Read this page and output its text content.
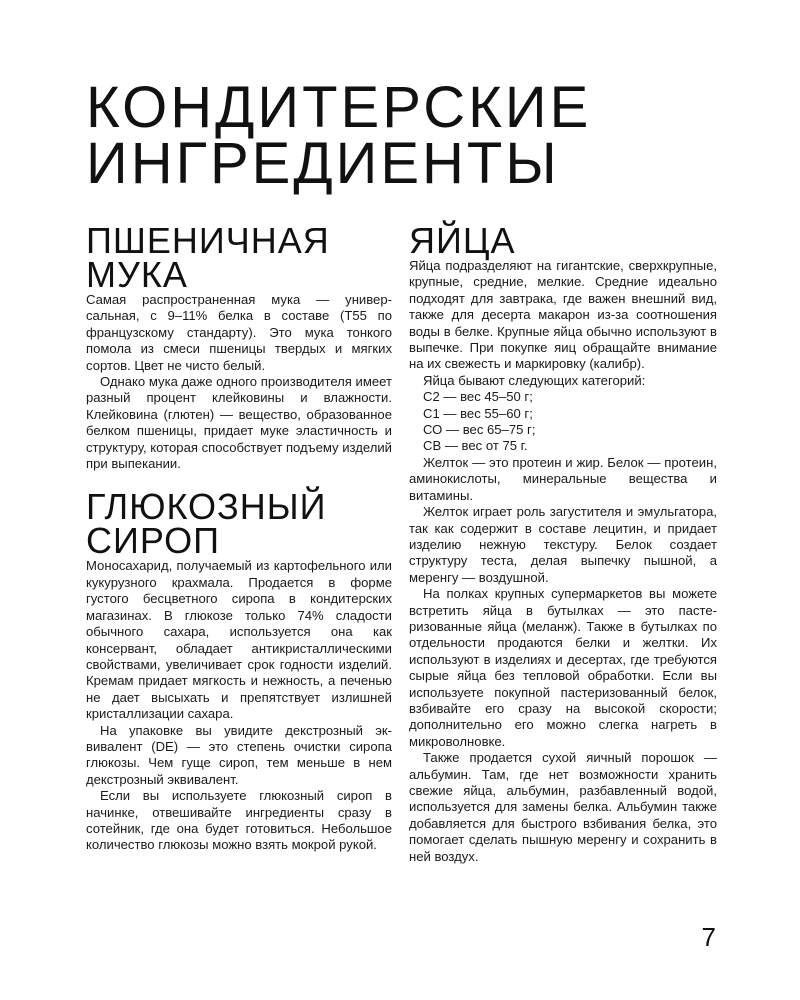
КОНДИТЕРСКИЕ
ИНГРЕДИЕНТЫ
ПШЕНИЧНАЯ
МУКА

Самая распространенная мука — универсальная, с 9–11% белка в составе (Т55 по французскому стандарту). Это мука тонкого помола из смеси пшеницы твердых и мягких сортов. Цвет не чисто белый.

Однако мука даже одного производителя имеет разный процент клейковины и влажности. Клейковина (глютен) — вещество, образованное белком пшеницы, придает муке эластичность и структуру, которая способствует подъему изделий при выпекании.

ГЛЮКОЗНЫЙ
СИРОП

Моносахарид, получаемый из картофельного или кукурузного крахмала. Продается в форме густого бесцветного сиропа в кондитерских магазинах. В глюкозе только 74% сладости обычного сахара, используется она как консервант, обладает антикристаллическими свойствами, увеличивает срок годности изделий. Кремам придает мягкость и нежность, а печенью не дает высыхать и препятствует излишней кристаллизации сахара.

На упаковке вы увидите декстрозный эквивалент (DE) — это степень очистки сиропа глюкозы. Чем гуще сироп, тем меньше в нем декстрозный эквивалент.

Если вы используете глюкозный сироп в начинке, отвешивайте ингредиенты сразу в сотейник, где она будет готовиться. Небольшое количество глюкозы можно взять мокрой рукой.

ЯЙЦА

Яйца подразделяют на гигантские, сверхкрупные, крупные, средние, мелкие. Средние идеально подходят для завтрака, где важен внешний вид, также для десерта макарон из-за соотношения воды в белке. Крупные яйца обычно используют в выпечке. При покупке яиц обращайте внимание на их свежесть и маркировку (калибр).

Яйца бывают следующих категорий:

С2 — вес 45–50 г;

С1 — вес 55–60 г;

СО — вес 65–75 г;

СВ — вес от 75 г.

Желток — это протеин и жир. Белок — протеин, аминокислоты, минеральные вещества и витамины.

Желток играет роль загустителя и эмульгатора, так как содержит в составе лецитин, и придает изделию нежную текстуру. Белок создает структуру теста, делая выпечку пышной, а меренгу — воздушной.

На полках крупных супермаркетов вы можете встретить яйца в бутылках — это пастеризованные яйца (меланж). Также в бутылках по отдельности продаются белки и желтки. Их используют в изделиях и десертах, где требуются сырые яйца без тепловой обработки. Если вы используете покупной пастеризованный белок, взбивайте его сразу на высокой скорости; дополнительно его можно слегка нагреть в микроволновке.

Также продается сухой яичный порошок — альбумин. Там, где нет возможности хранить свежие яйца, альбумин, разбавленный водой, используется для замены белка. Альбумин также добавляется для быстрого взбивания белка, это помогает сделать пышную меренгу и сохранить в ней воздух.

7
